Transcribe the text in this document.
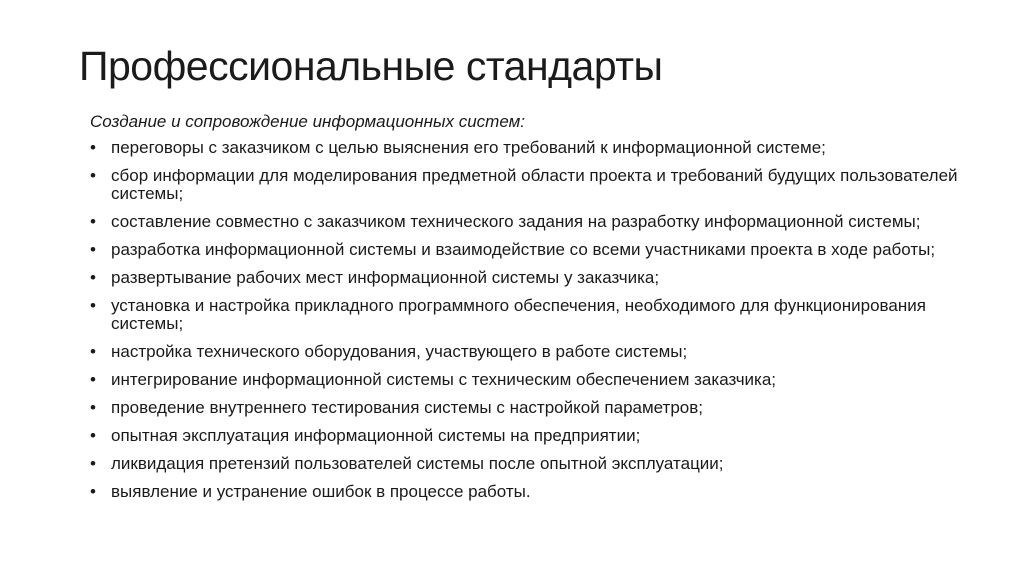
Профессиональные стандарты
Создание и сопровождение информационных систем:
• переговоры с заказчиком с целью выяснения его требований к информационной системе;
• сбор информации для моделирования предметной области проекта и требований будущих пользователей системы;
• составление совместно с заказчиком технического задания на разработку информационной системы;
• разработка информационной системы и взаимодействие со всеми участниками проекта в ходе работы;
• развертывание рабочих мест информационной системы у заказчика;
• установка и настройка прикладного программного обеспечения, необходимого для функционирования системы;
• настройка технического оборудования, участвующего в работе системы;
• интегрирование информационной системы с техническим обеспечением заказчика;
• проведение внутреннего тестирования системы с настройкой параметров;
• опытная эксплуатация информационной системы на предприятии;
• ликвидация претензий пользователей системы после опытной эксплуатации;
• выявление и устранение ошибок в процессе работы.
